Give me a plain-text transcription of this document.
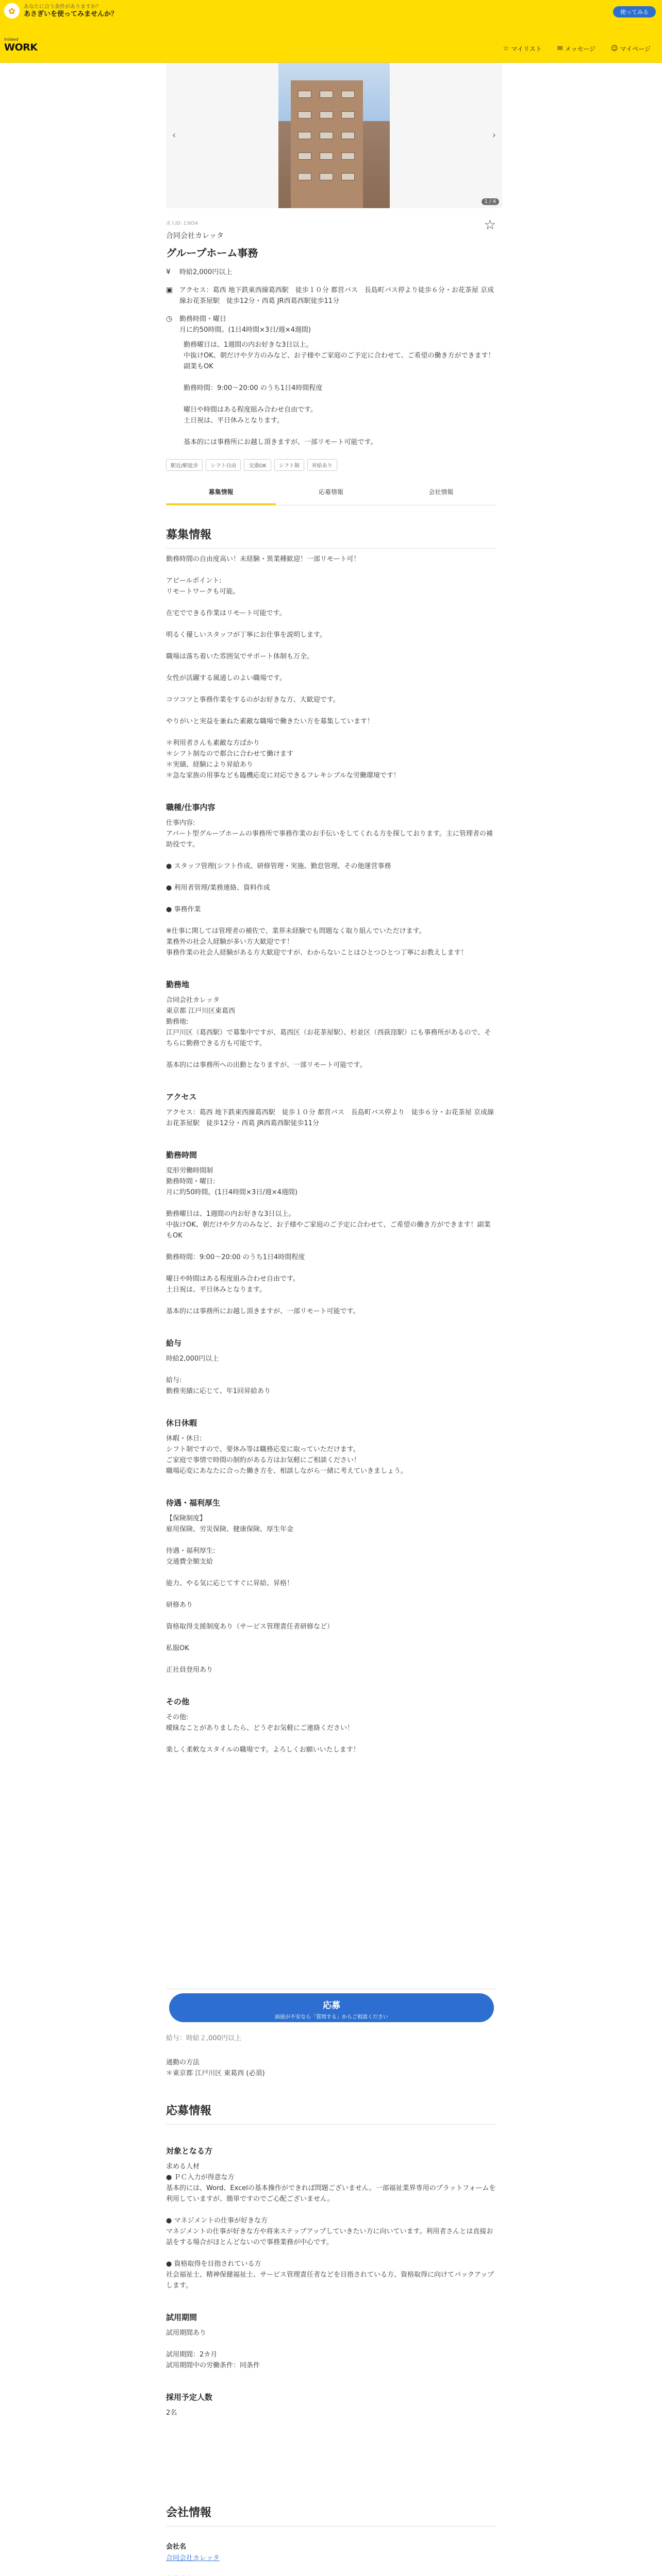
✿	あなたに合う条件がありますか？
あさぎいを使ってみませんか？	使ってみる
Indeed
WORK	☆ マイリスト ✉ メッセージ ☺ マイページ
‹	›
1 / 4
求人ID: 13654	☆
合同会社カレッタ
グループホーム事務
¥	時給2,000円以上
▣ アクセス：葛西 地下鉄東西線葛西駅　徒歩１０分 都営バス　長島町バス停より徒歩６分・お花茶屋 京成線お花茶屋駅　徒歩12分・西葛 JR西葛西駅徒歩11分
◷	勤務時間・曜日
月に約50時間。(1日4時間×3日/週×4週間)
勤務曜日は、1週間の内お好きな3日以上。
中抜けOK、朝だけや夕方のみなど、お子様やご家庭のご予定に合わせて、ご希望の働き方ができます！副業もOK

勤務時間：9:00〜20:00 のうち1日4時間程度

曜日や時間はある程度組み合わせ自由です。
土日祝は、平日休みとなります。

基本的には事務所にお越し頂きますが、一部リモート可能です。
駅近/駅徒歩	シフト自由	交通OK	シフト制	昇給あり
募集情報	応募情報	会社情報
募集情報
勤務時間の自由度高い！未経験・異業種歓迎！一部リモート可！

アピールポイント:
リモートワークも可能。

在宅でできる作業はリモート可能です。

明るく優しいスタッフが丁寧にお仕事を説明します。

職場は落ち着いた雰囲気でサポート体制も万全。

女性が活躍する風通しのよい職場です。

コツコツと事務作業をするのがお好きな方、大歓迎です。

やりがいと実益を兼ねた素敵な職場で働きたい方を募集しています！

＊利用者さんも素敵な方ばかり
＊シフト制なので都合に合わせて働けます
＊実績、経験により昇給あり
＊急な家族の用事なども臨機応変に対応できるフレキシブルな労働環境です！
職種/仕事内容
仕事内容:
アパート型グループホームの事務所で事務作業のお手伝いをしてくれる方を探しております。主に管理者の補助役です。

● スタッフ管理(シフト作成、研修管理・実施、勤怠管理、その他運営事務

● 利用者管理/業務連絡、資料作成

● 事務作業

※仕事に関しては管理者の補佐で、業界未経験でも問題なく取り組んでいただけます。
業務外の社会人経験が多い方大歓迎です！
事務作業の社会人経験がある方大歓迎ですが、わからないことはひとつひとつ丁寧にお教えします！
勤務地
合同会社カレッタ
東京都 江戸川区東葛西
勤務地:
江戸川区（葛西駅）で募集中ですが、葛西区（お花茶屋駅）、杉並区（西荻窪駅）にも事務所があるので、そちらに勤務できる方も可能です。

基本的には事務所への出勤となりますが、一部リモート可能です。
アクセス
アクセス：葛西 地下鉄東西線葛西駅　徒歩１０分 都営バス　長島町バス停より　徒歩６分・お花茶屋 京成線お花茶屋駅　徒歩12分・西葛 JR西葛西駅徒歩11分
勤務時間
変形労働時間制
勤務時間・曜日:
月に約50時間。(1日4時間×3日/週×4週間)

勤務曜日は、1週間の内お好きな3日以上。
中抜けOK、朝だけや夕方のみなど、お子様やご家庭のご予定に合わせて、ご希望の働き方ができます！副業もOK

勤務時間：9:00〜20:00 のうち1日4時間程度

曜日や時間はある程度組み合わせ自由です。
土日祝は、平日休みとなります。

基本的には事務所にお越し頂きますが、一部リモート可能です。
給与
時給2,000円以上

給与:
勤務実績に応じて、年1回昇給あり
休日休暇
休暇・休日:
シフト制ですので、要休み等は職務応変に取っていただけます。
ご家庭で事情で時間の制約がある方はお気軽にご相談ください！
職場応変にあなたに合った働き方を、相談しながら一緒に考えていきましょう。
待遇・福利厚生
【保険制度】
雇用保険、労災保険、健康保険、厚生年金

待遇・福利厚生:
交通費全額支給

能力、やる気に応じてすぐに昇給、昇格！

研修あり

資格取得支援制度あり（サービス管理責任者研修など）

私服OK

正社員登用あり
その他
その他:
曖昧なことがありましたら、どうぞお気軽にご連絡ください！

楽しく柔軟なスタイルの職場です。よろしくお願いいたします！
応募
面接が不安なら「質問する」からご相談ください
給与：時給２,000円以上
通勤の方法
＊東京都 江戸川区 東葛西 (必須)
応募情報
対象となる方
求める人材
● ＰＣ入力が得意な方
基本的には、Word、Excelの基本操作ができれば問題ございません。一部福祉業界専用のプラットフォームを利用していますが、簡単ですのでご心配ございません。

● マネジメントの仕事が好きな方
マネジメントの仕事が好きな方や将来ステップアップしていきたい方に向いています。利用者さんとは直接お話をする場合がほとんどないので事務業務が中心です。

● 資格取得を目指されている方
社会福祉士、精神保健福祉士、サービス管理責任者などを目指されている方、資格取得に向けてバックアップします。
試用期間
試用期間あり

試用期間：2カ月
試用期間中の労働条件：同条件
採用予定人数
2名
会社情報
会社名
合同会社カレッタ
